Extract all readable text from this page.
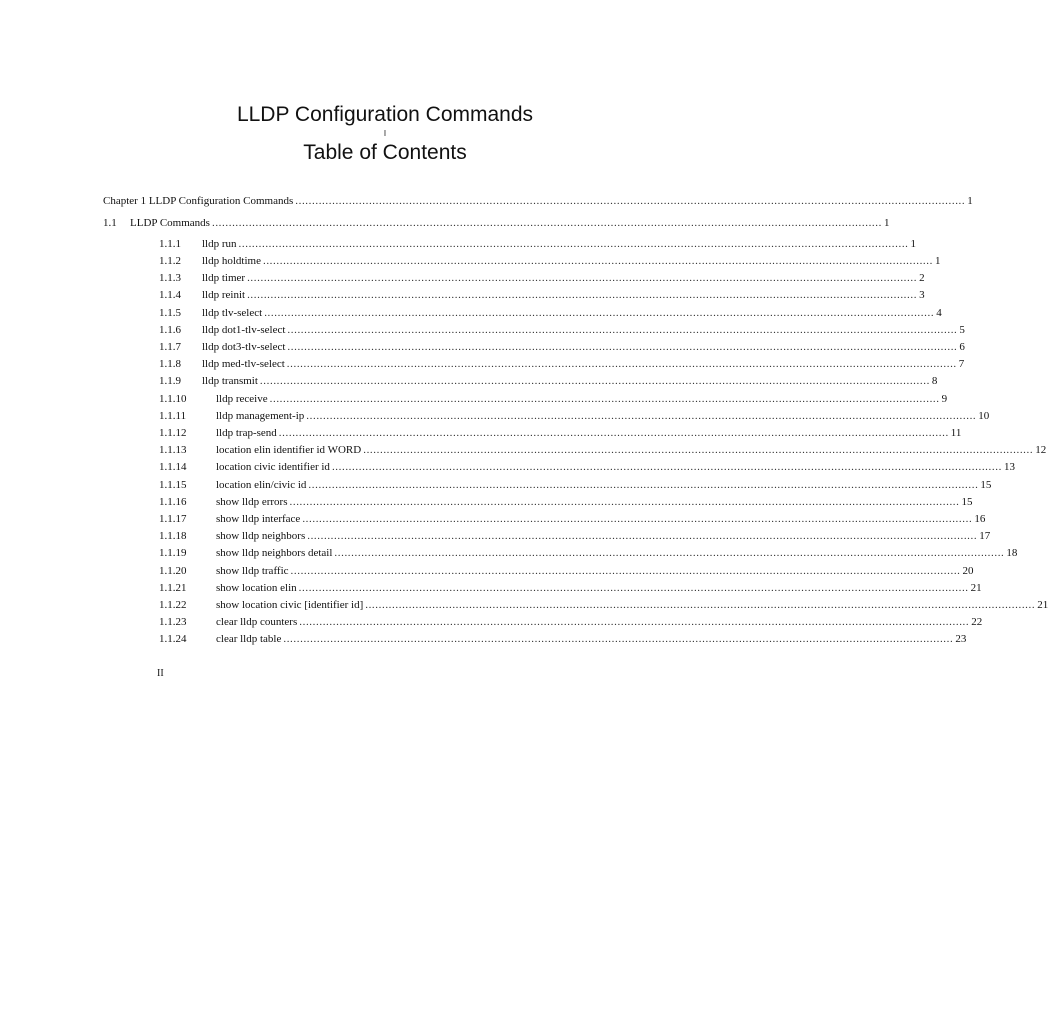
LLDP Configuration Commands
I
Table of Contents
Chapter 1 LLDP Configuration Commands ........................................................................................................................................................................................................ 1
1.1 LLDP Commands ........................................................................................................................................................................................................ 1
1.1.1 lldp run ........................................................................................................................................................................................................ 1
1.1.2 lldp holdtime ........................................................................................................................................................................................................ 1
1.1.3 lldp timer ........................................................................................................................................................................................................ 2
1.1.4 lldp reinit ........................................................................................................................................................................................................ 3
1.1.5 lldp tlv-select ........................................................................................................................................................................................................ 4
1.1.6 lldp dot1-tlv-select ........................................................................................................................................................................................................ 5
1.1.7 lldp dot3-tlv-select ........................................................................................................................................................................................................ 6
1.1.8 lldp med-tlv-select ........................................................................................................................................................................................................ 7
1.1.9 lldp transmit ........................................................................................................................................................................................................ 8
1.1.10	lldp receive ........................................................................................................................................................................................................ 9
1.1.11	lldp management-ip ........................................................................................................................................................................................................ 10
1.1.12	lldp trap-send ........................................................................................................................................................................................................ 11
1.1.13	location elin identifier id WORD ........................................................................................................................................................................................................ 12
1.1.14	location civic identifier id ........................................................................................................................................................................................................ 13
1.1.15	location elin/civic id ........................................................................................................................................................................................................ 15
1.1.16	show lldp errors ........................................................................................................................................................................................................ 15
1.1.17	show lldp interface ........................................................................................................................................................................................................ 16
1.1.18	show lldp neighbors ........................................................................................................................................................................................................ 17
1.1.19	show lldp neighbors detail ........................................................................................................................................................................................................ 18
1.1.20	show lldp traffic ........................................................................................................................................................................................................ 20
1.1.21	show location elin ........................................................................................................................................................................................................ 21
1.1.22	show location civic [identifier id] ........................................................................................................................................................................................................ 21
1.1.23	clear lldp counters ........................................................................................................................................................................................................ 22
1.1.24	clear lldp table ........................................................................................................................................................................................................ 23
II
